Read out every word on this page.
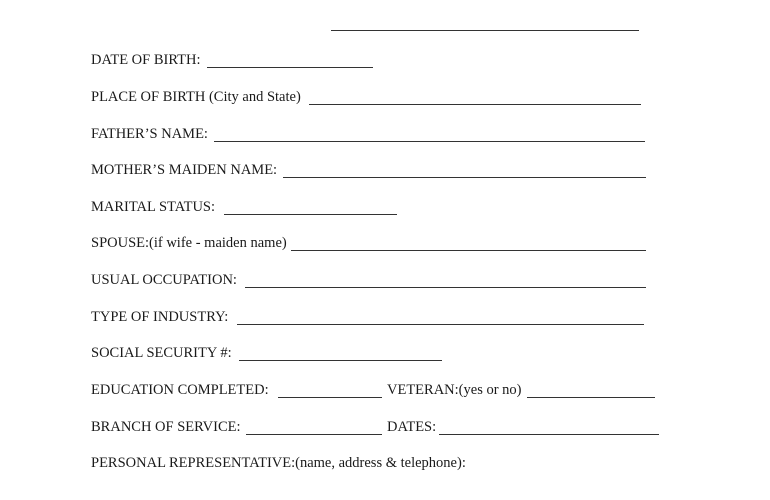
DATE OF BIRTH:
PLACE OF BIRTH (City and State)
FATHER’S NAME:
MOTHER’S MAIDEN NAME:
MARITAL STATUS:
SPOUSE:(if wife - maiden name)
USUAL OCCUPATION:
TYPE OF INDUSTRY:
SOCIAL SECURITY #:
EDUCATION COMPLETED:	VETERAN:(yes or no)
BRANCH OF SERVICE:	DATES:
PERSONAL REPRESENTATIVE:(name, address & telephone):
